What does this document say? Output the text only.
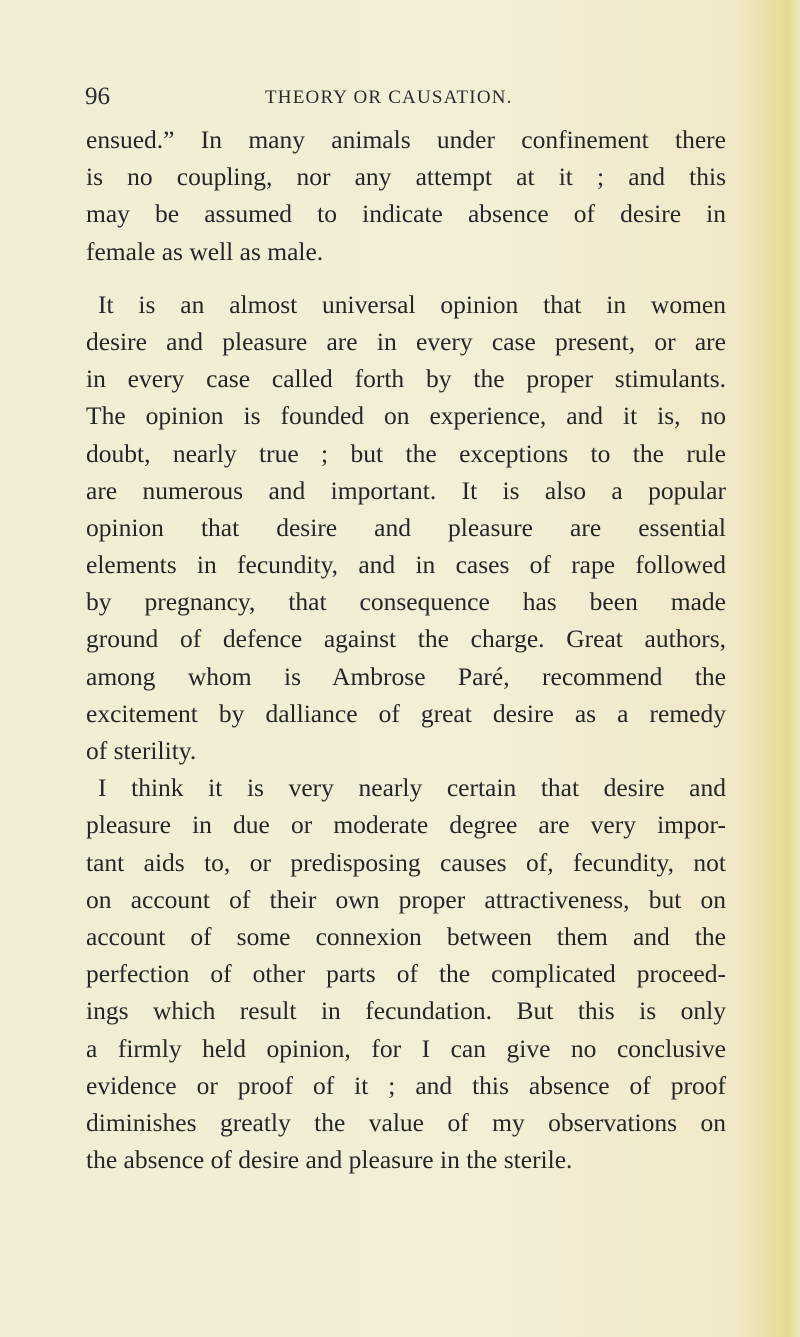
96	THEORY OR CAUSATION.
ensued.” In many animals under confinement there
is no coupling, nor any attempt at it ; and this
may be assumed to indicate absence of desire in
female as well as male.
It is an almost universal opinion that in women
desire and pleasure are in every case present, or are
in every case called forth by the proper stimulants.
The opinion is founded on experience, and it is, no
doubt, nearly true ; but the exceptions to the rule
are numerous and important. It is also a popular
opinion that desire and pleasure are essential
elements in fecundity, and in cases of rape followed
by pregnancy, that consequence has been made
ground of defence against the charge. Great authors,
among whom is Ambrose Paré, recommend the
excitement by dalliance of great desire as a remedy
of sterility.
I think it is very nearly certain that desire and
pleasure in due or moderate degree are very impor-
tant aids to, or predisposing causes of, fecundity, not
on account of their own proper attractiveness, but on
account of some connexion between them and the
perfection of other parts of the complicated proceed-
ings which result in fecundation. But this is only
a firmly held opinion, for I can give no conclusive
evidence or proof of it ; and this absence of proof
diminishes greatly the value of my observations on
the absence of desire and pleasure in the sterile.
